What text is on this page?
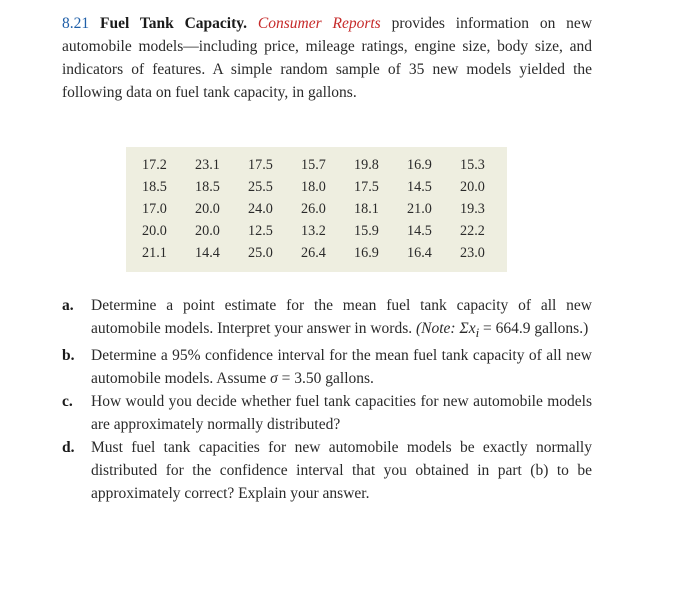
8.21 Fuel Tank Capacity. Consumer Reports provides information on new automobile models—including price, mileage ratings, engine size, body size, and indicators of features. A simple random sample of 35 new models yielded the following data on fuel tank capacity, in gallons.

17.2	23.1	17.5	15.7	19.8	16.9	15.3
18.5	18.5	25.5	18.0	17.5	14.5	20.0
17.0	20.0	24.0	26.0	18.1	21.0	19.3
20.0	20.0	12.5	13.2	15.9	14.5	22.2
21.1	14.4	25.0	26.4	16.9	16.4	23.0
a. Determine a point estimate for the mean fuel tank capacity of all new automobile models. Interpret your answer in words. (Note: $\Sigma x_i = 664.9$ gallons.)
b. Determine a 95% confidence interval for the mean fuel tank capacity of all new automobile models. Assume σ = 3.50 gallons.
c. How would you decide whether fuel tank capacities for new automobile models are approximately normally distributed?
d. Must fuel tank capacities for new automobile models be exactly normally distributed for the confidence interval that you obtained in part (b) to be approximately correct? Explain your answer.
